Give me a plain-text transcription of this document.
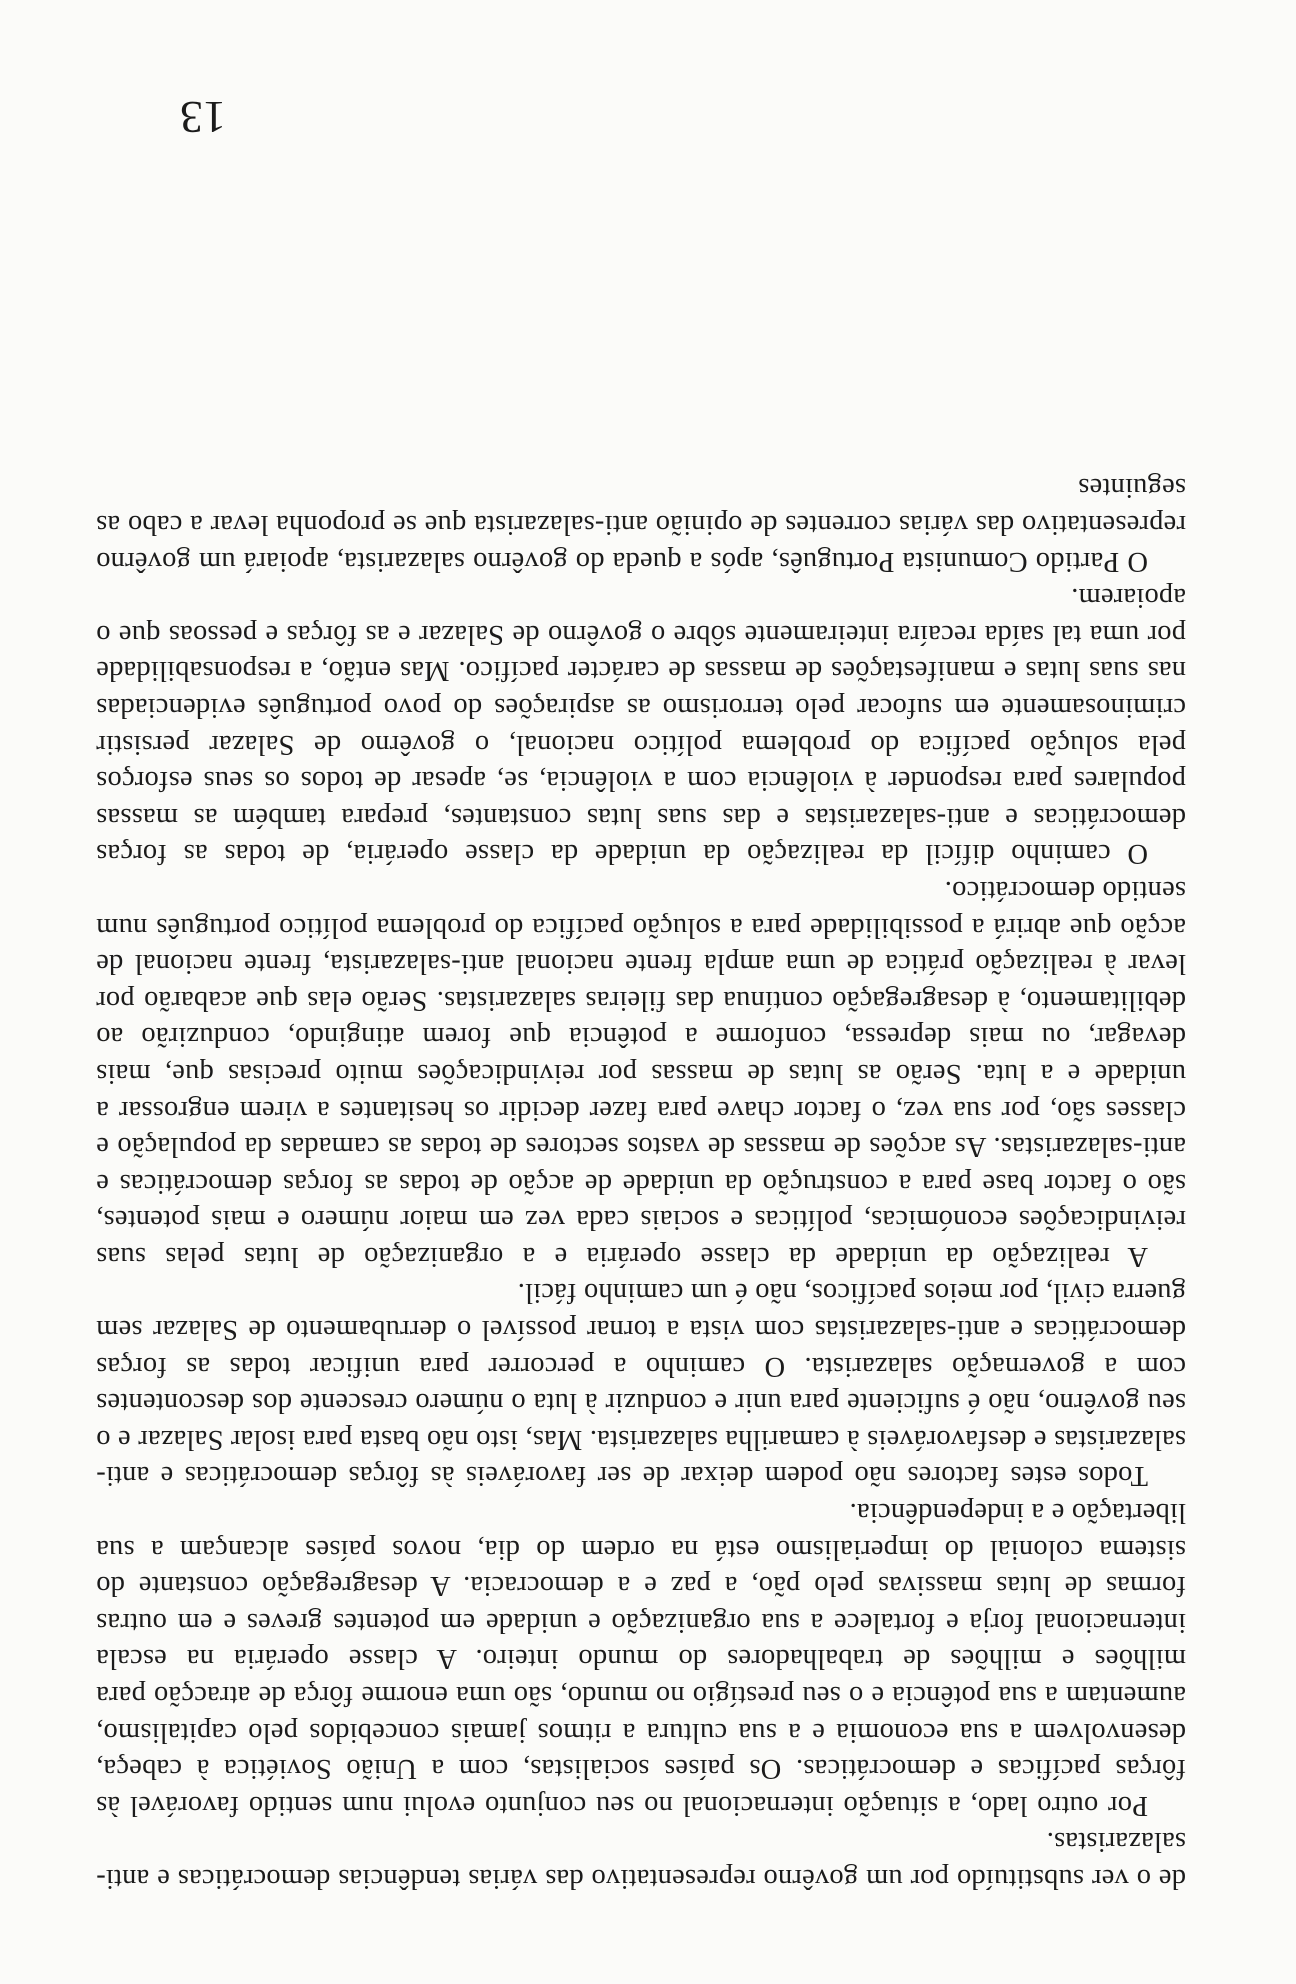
de o ver substituído por um govêrno representativo das várias tendências democráticas e anti-salazaristas.

Por outro lado, a situação internacional no seu conjunto evolui num sentido favorável às fôrças pacíficas e democráticas. Os países socialistas, com a União Soviética à cabeça, desenvolvem a sua economia e a sua cultura a ritmos jamais concebidos pelo capitalismo, aumentam a sua potência e o seu prestígio no mundo, são uma enorme fôrça de atracção para milhões e milhões de trabalhadores do mundo inteiro. A classe operária na escala internacional forja e fortalece a sua organização e unidade em potentes greves e em outras formas de lutas massivas pelo pão, a paz e a democracia. A desagregação constante do sistema colonial do imperialismo está na ordem do dia, novos países alcançam a sua libertação e a independência.

Todos estes factores não podem deixar de ser favoráveis às fôrças democráticas e anti-salazaristas e desfavoráveis à camarilha salazarista. Mas, isto não basta para isolar Salazar e o seu govêrno, não é suficiente para unir e conduzir à luta o número crescente dos descontentes com a governação salazarista. O caminho a percorrer para unificar todas as forças democráticas e anti-salazaristas com vista a tornar possível o derrubamento de Salazar sem guerra civil, por meios pacíficos, não é um caminho fácil.

A realização da unidade da classe operária e a organização de lutas pelas suas reivindicações económicas, políticas e sociais cada vez em maior número e mais potentes, são o factor base para a construção da unidade de acção de todas as forças democráticas e anti-salazaristas. As acções de massas de vastos sectores de todas as camadas da população e classes são, por sua vez, o factor chave para fazer decidir os hesitantes a virem engrossar a unidade e a luta. Serão as lutas de massas por reivindicações muito precisas que, mais devagar, ou mais depressa, conforme a potência que forem atingindo, conduzirão ao debilitamento, à desagregação contínua das fileiras salazaristas. Serão elas que acabarão por levar à realização prática de uma ampla frente nacional anti-salazarista, frente nacional de acção que abrirá a possibilidade para a solução pacífica do problema político português num sentido democrático.

O caminho difícil da realização da unidade da classe operária, de todas as forças democráticas e anti-salazaristas e das suas lutas constantes, prepara também as massas populares para responder à violência com a violência, se, apesar de todos os seus esforços pela solução pacífica do problema político nacional, o govêrno de Salazar persistir criminosamente em sufocar pelo terrorismo as aspirações do povo português evidenciadas nas suas lutas e manifestações de massas de carácter pacífico. Mas então, a responsabilidade por uma tal saída recaíra inteiramente sôbre o govêrno de Salazar e as fôrças e pessoas que o apoiarem.

O Partido Comunista Português, após a queda do govêrno salazarista, apoiará um govêrno representativo das várias correntes de opinião anti-salazarista que se proponha levar a cabo as seguintes

13
